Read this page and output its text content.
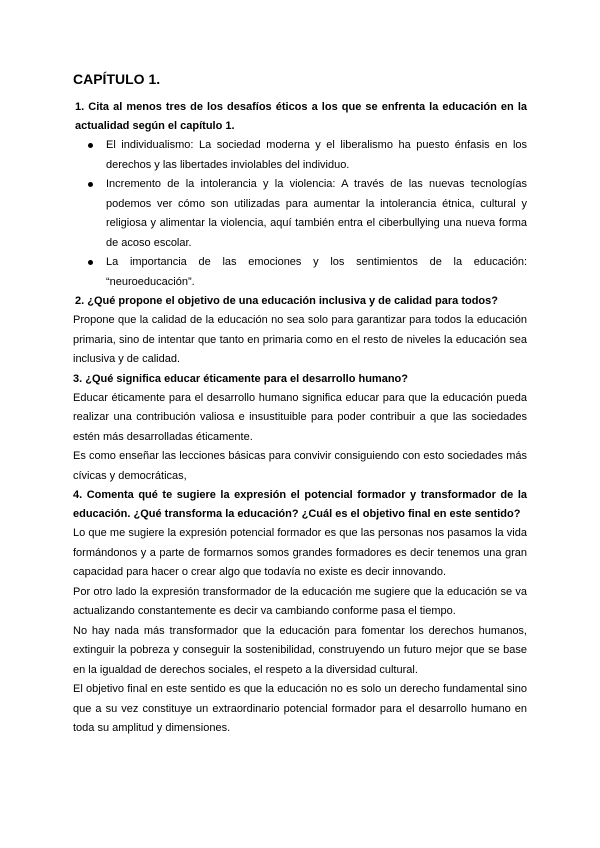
CAPÍTULO 1.

1. Cita al menos tres de los desafíos éticos a los que se enfrenta la educación en la actualidad según el capítulo 1.

El individualismo: La sociedad moderna y el liberalismo ha puesto énfasis en los derechos y las libertades inviolables del individuo.
Incremento de la intolerancia y la violencia: A través de las nuevas tecnologías podemos ver cómo son utilizadas para aumentar la intolerancia étnica, cultural y religiosa y alimentar la violencia, aquí también entra el ciberbullying una nueva forma de acoso escolar.
La importancia de las emociones y los sentimientos de la educación: “neuroeducación”.

2. ¿Qué propone el objetivo de una educación inclusiva y de calidad para todos?

Propone que la calidad de la educación no sea solo para garantizar para todos la educación primaria, sino de intentar que tanto en primaria como en el resto de niveles la educación sea inclusiva y de calidad.

3. ¿Qué significa educar éticamente para el desarrollo humano?

Educar éticamente para el desarrollo humano significa educar para que la educación pueda realizar una contribución valiosa e insustituible para poder contribuir a que las sociedades estén más desarrolladas éticamente.

Es como enseñar las lecciones básicas para convivir consiguiendo con esto sociedades más cívicas y democráticas,

4. Comenta qué te sugiere la expresión el potencial formador y transformador de la educación. ¿Qué transforma la educación? ¿Cuál es el objetivo final en este sentido?

Lo que me sugiere la expresión potencial formador es que las personas nos pasamos la vida formándonos y a parte de formarnos somos grandes formadores es decir tenemos una gran capacidad para hacer o crear algo que todavía no existe es decir innovando.

Por otro lado la expresión transformador de la educación me sugiere que la educación se va actualizando constantemente es decir va cambiando conforme pasa el tiempo.

No hay nada más transformador que la educación para fomentar los derechos humanos, extinguir la pobreza y conseguir la sostenibilidad, construyendo un futuro mejor que se base en la igualdad de derechos sociales, el respeto a la diversidad cultural.

El objetivo final en este sentido es que la educación no es solo un derecho fundamental sino que a su vez constituye un extraordinario potencial formador para el desarrollo humano en toda su amplitud y dimensiones.
